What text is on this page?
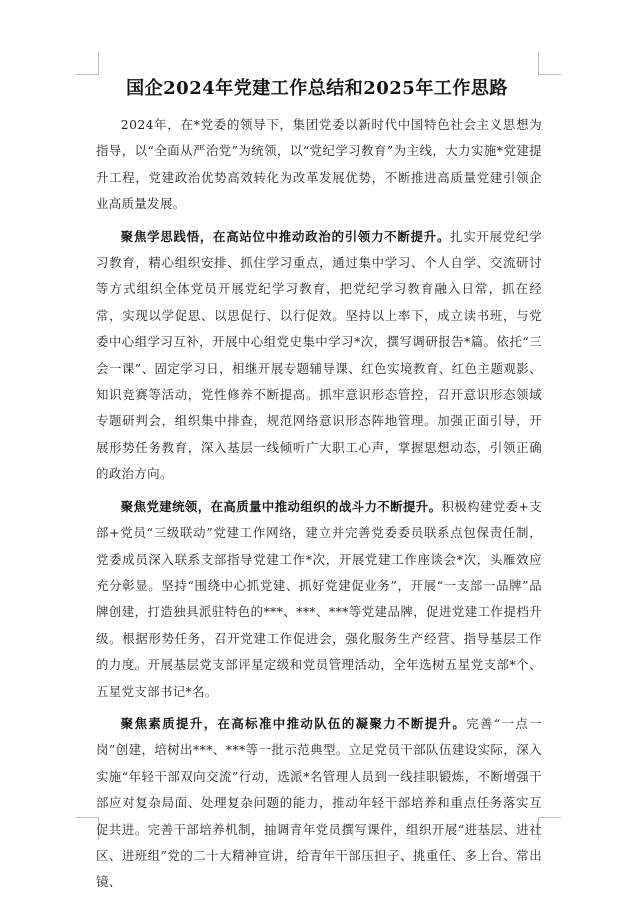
国企2024年党建工作总结和2025年工作思路

2024年，在*党委的领导下，集团党委以新时代中国特色社会主义思想为指导，以“全面从严治党”为统领，以“党纪学习教育”为主线，大力实施*党建提升工程，党建政治优势高效转化为改革发展优势，不断推进高质量党建引领企业高质量发展。

聚焦学思践悟，在高站位中推动政治的引领力不断提升。扎实开展党纪学习教育，精心组织安排、抓住学习重点，通过集中学习、个人自学、交流研讨等方式组织全体党员开展党纪学习教育，把党纪学习教育融入日常，抓在经常，实现以学促思、以思促行、以行促效。坚持以上率下，成立读书班，与党委中心组学习互补，开展中心组党史集中学习*次，撰写调研报告*篇。依托“三会一课”、固定学习日，相继开展专题辅导课、红色实境教育、红色主题观影、知识竞赛等活动，党性修养不断提高。抓牢意识形态管控，召开意识形态领域专题研判会，组织集中排查，规范网络意识形态阵地管理。加强正面引导，开展形势任务教育，深入基层一线倾听广大职工心声，掌握思想动态，引领正确的政治方向。

聚焦党建统领，在高质量中推动组织的战斗力不断提升。积极构建党委+支部+党员“三级联动”党建工作网络，建立并完善党委委员联系点包保责任制，党委成员深入联系支部指导党建工作*次，开展党建工作座谈会*次，头雁效应充分彰显。坚持“围绕中心抓党建、抓好党建促业务”，开展“一支部一品牌”品牌创建，打造独具派驻特色的***、***、***等党建品牌，促进党建工作提档升级。根据形势任务，召开党建工作促进会，强化服务生产经营、指导基层工作的力度。开展基层党支部评星定级和党员管理活动，全年选树五星党支部*个、五星党支部书记*名。

聚焦素质提升，在高标准中推动队伍的凝聚力不断提升。完善“一点一岗”创建，培树出***、***等一批示范典型。立足党员干部队伍建设实际，深入实施“年轻干部双向交流”行动，选派*名管理人员到一线挂职锻炼，不断增强干部应对复杂局面、处理复杂问题的能力，推动年轻干部培养和重点任务落实互促共进。完善干部培养机制，抽调青年党员撰写课件，组织开展“进基层、进社区、进班组”党的二十大精神宣讲，给青年干部压担子、挑重任、多上台、常出镜、
